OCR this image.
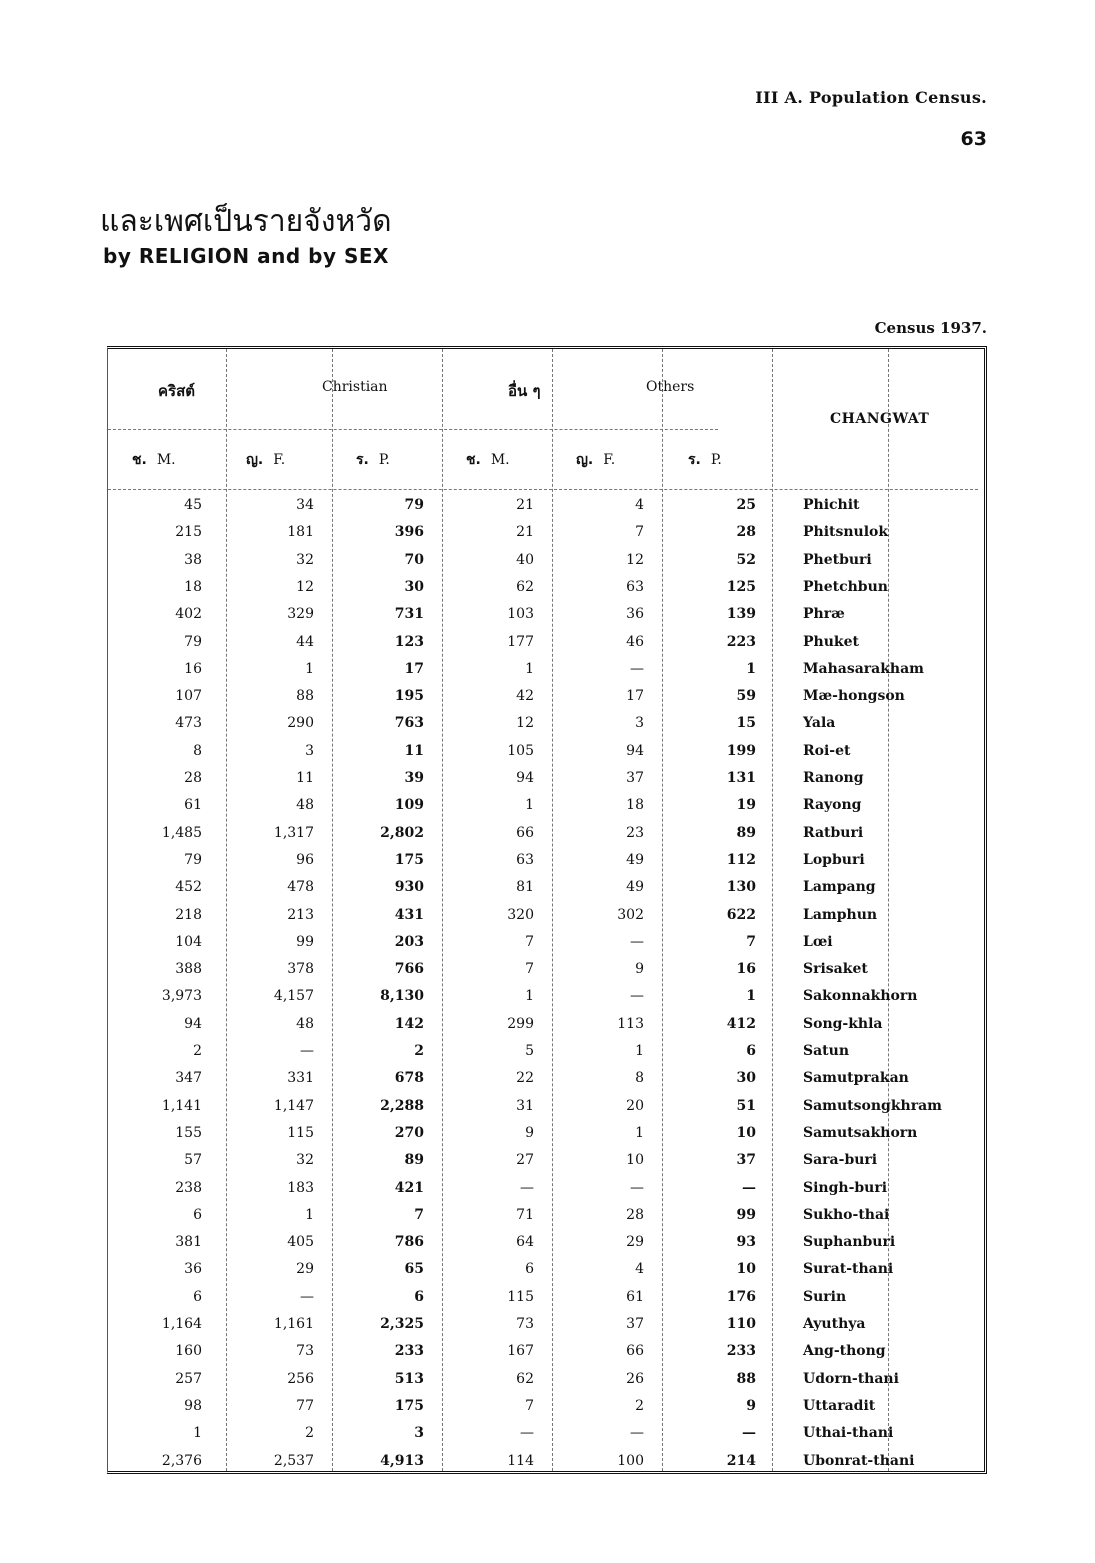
III A. Population Census.
63
และเพศเป็นรายจังหวัด
by RELIGION and by SEX
Census 1937.
คริสต์	Christian	อื่น ๆ	Others
CHANGWAT
ช. M.	ญ. F.	ร. P.	ช. M.	ญ. F.	ร. P.
45	34	79	21	4	25	Phichit
215	181	396	21	7	28	Phitsnulok
38	32	70	40	12	52	Phetburi
18	12	30	62	63	125	Phetchbun
402	329	731	103	36	139	Phræ
79	44	123	177	46	223	Phuket
16	1	17	1	—	1	Mahasarakham
107	88	195	42	17	59	Mæ-hongson
473	290	763	12	3	15	Yala
8	3	11	105	94	199	Roi-et
28	11	39	94	37	131	Ranong
61	48	109	1	18	19	Rayong
1,485	1,317	2,802	66	23	89	Ratburi
79	96	175	63	49	112	Lopburi
452	478	930	81	49	130	Lampang
218	213	431	320	302	622	Lamphun
104	99	203	7	—	7	Lœi
388	378	766	7	9	16	Srisaket
3,973	4,157	8,130	1	—	1	Sakonnakhorn
94	48	142	299	113	412	Song-khla
2	—	2	5	1	6	Satun
347	331	678	22	8	30	Samutprakan
1,141	1,147	2,288	31	20	51	Samutsongkhram
155	115	270	9	1	10	Samutsakhorn
57	32	89	27	10	37	Sara-buri
238	183	421	—	—	—	Singh-buri
6	1	7	71	28	99	Sukho-thai
381	405	786	64	29	93	Suphanburi
36	29	65	6	4	10	Surat-thani
6	—	6	115	61	176	Surin
1,164	1,161	2,325	73	37	110	Ayuthya
160	73	233	167	66	233	Ang-thong
257	256	513	62	26	88	Udorn-thani
98	77	175	7	2	9	Uttaradit
1	2	3	—	—	—	Uthai-thani
2,376	2,537	4,913	114	100	214	Ubonrat-thani
